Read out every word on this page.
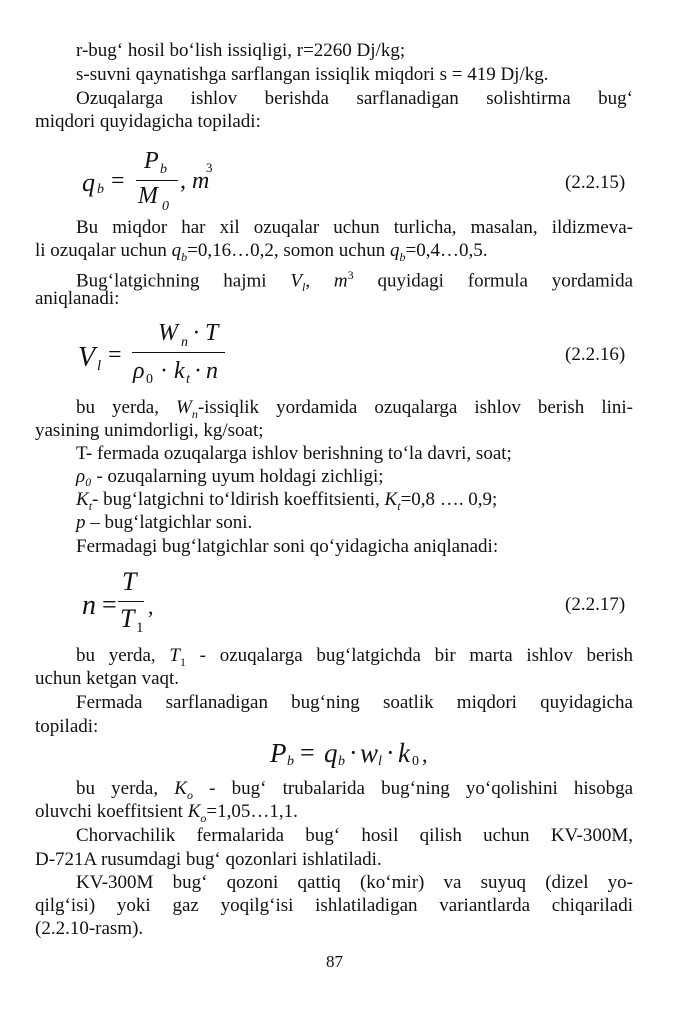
r-bug‘ hosil bo‘lish issiqligi, r=2260 Dj/kg;
s-suvni qaynatishga sarflangan issiqlik miqdori s = 419 Dj/kg.
Ozuqalarga ishlov berishda sarflanadigan solishtirma bug‘
miqdori quyidagicha topiladi:
q b =
P b
M 0
, m
3
(2.2.15)
Bu miqdor har xil ozuqalar uchun turlicha, masalan, ildizmeva-
li ozuqalar uchun $q_b=0,16\dots 0,2$, somon uchun $q_b=0,4\dots 0,5$.
Bug‘latgichning hajmi $V_l$, $m^3$ quyidagi formula yordamida
aniqlanadi:
V l =
W n · T
ρ 0 · k t · n
(2.2.16)
bu yerda, $W_n$-issiqlik yordamida ozuqalarga ishlov berish lini-
yasining unimdorligi, kg/soat;
T- fermada ozuqalarga ishlov berishning to‘la davri, soat;
ρ₀ - ozuqalarning uyum holdagi zichligi;
$K_t-$ bug‘latgichni to‘ldirish koeffitsienti, $K_t=0,8$ …. 0,9;
p – bug‘latgichlar soni.
Fermadagi bug‘latgichlar soni qo‘yidagicha aniqlanadi:
n =
T
T 1
,	(2.2.17)
bu yerda, $T_1$ - ozuqalarga bug‘latgichda bir marta ishlov berish
uchun ketgan vaqt.
Fermada sarflanadigan bug‘ning soatlik miqdori quyidagicha
topiladi:
P b = q b · w l · k 0 ,
bu yerda, $K_o$ - bug‘ trubalarida bug‘ning yo‘qolishini hisobga
oluvchi koeffitsient $K_o=1,05\dots 1,1$.
Chorvachilik fermalarida bug‘ hosil qilish uchun KV-300M,
D-721A rusumdagi bug‘ qozonlari ishlatiladi.
KV-300M bug‘ qozoni qattiq (ko‘mir) va suyuq (dizel yo-
qilg‘isi) yoki gaz yoqilg‘isi ishlatiladigan variantlarda chiqariladi
(2.2.10-rasm).
87
